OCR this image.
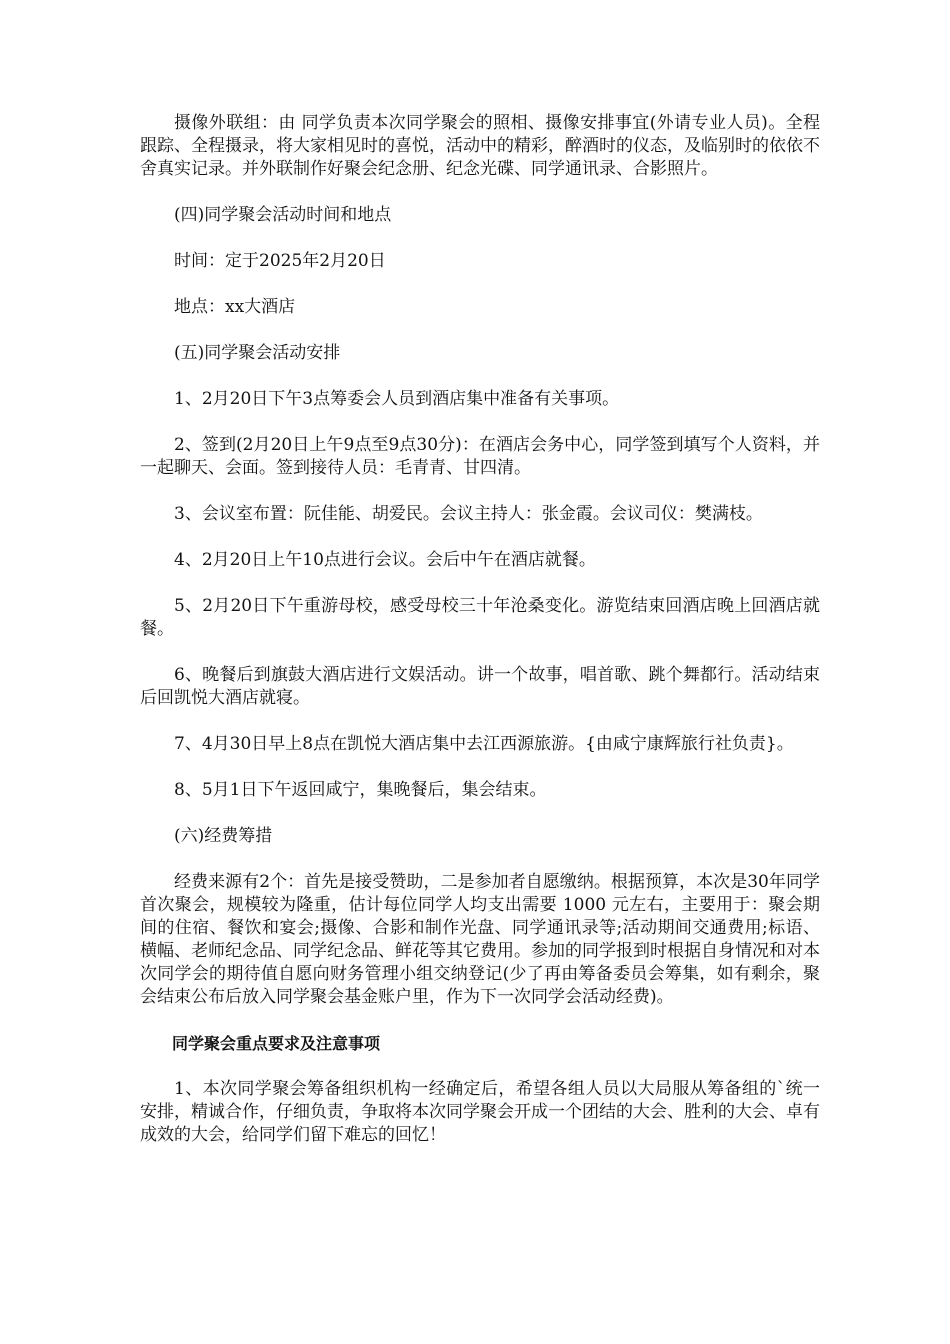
摄像外联组：由 同学负责本次同学聚会的照相、摄像安排事宜(外请专业人员)。全程跟踪、全程摄录，将大家相见时的喜悦，活动中的精彩，醉酒时的仪态，及临别时的依依不舍真实记录。并外联制作好聚会纪念册、纪念光碟、同学通讯录、合影照片。

(四)同学聚会活动时间和地点

时间：定于2025年2月20日

地点：xx大酒店

(五)同学聚会活动安排

1、2月20日下午3点筹委会人员到酒店集中准备有关事项。

2、签到(2月20日上午9点至9点30分)：在酒店会务中心，同学签到填写个人资料，并一起聊天、会面。签到接待人员：毛青青、甘四清。

3、会议室布置：阮佳能、胡爱民。会议主持人：张金霞。会议司仪：樊满枝。

4、2月20日上午10点进行会议。会后中午在酒店就餐。

5、2月20日下午重游母校，感受母校三十年沧桑变化。游览结束回酒店晚上回酒店就餐。

6、晚餐后到旗鼓大酒店进行文娱活动。讲一个故事，唱首歌、跳个舞都行。活动结束后回凯悦大酒店就寝。

7、4月30日早上8点在凯悦大酒店集中去江西源旅游。{由咸宁康辉旅行社负责}。

8、5月1日下午返回咸宁，集晚餐后，集会结束。

(六)经费筹措

经费来源有2个：首先是接受赞助，二是参加者自愿缴纳。根据预算，本次是30年同学首次聚会，规模较为隆重，估计每位同学人均支出需要 1000 元左右，主要用于：聚会期间的住宿、餐饮和宴会;摄像、合影和制作光盘、同学通讯录等;活动期间交通费用;标语、横幅、老师纪念品、同学纪念品、鲜花等其它费用。参加的同学报到时根据自身情况和对本次同学会的期待值自愿向财务管理小组交纳登记(少了再由筹备委员会筹集，如有剩余，聚会结束公布后放入同学聚会基金账户里，作为下一次同学会活动经费)。

同学聚会重点要求及注意事项

1、本次同学聚会筹备组织机构一经确定后，希望各组人员以大局服从筹备组的`统一安排，精诚合作，仔细负责，争取将本次同学聚会开成一个团结的大会、胜利的大会、卓有成效的大会，给同学们留下难忘的回忆！
